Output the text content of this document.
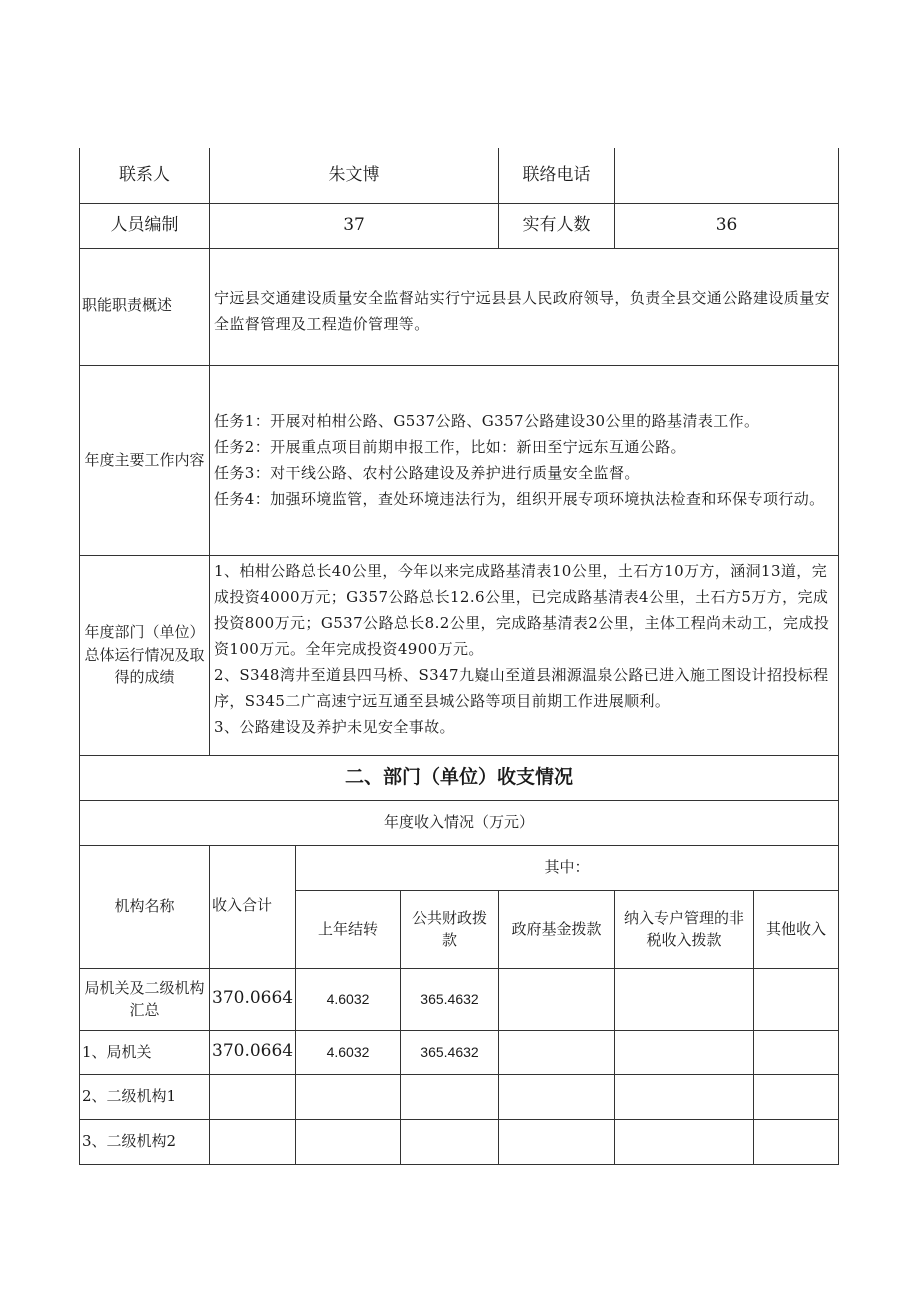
联系人	朱文博			联络电话		
人员编制	37			实有人数	36	
职能职责概述	宁远县交通建设质量安全监督站实行宁远县县人民政府领导，负责全县交通公路建设质量安全监督管理及工程造价管理等。					
年度主要工作内容	任务1：开展对柏柑公路、G537公路、G357公路建设30公里的路基清表工作。
任务2：开展重点项目前期申报工作，比如：新田至宁远东互通公路。
任务3：对干线公路、农村公路建设及养护进行质量安全监督。
任务4：加强环境监管，查处环境违法行为，组织开展专项环境执法检查和环保专项行动。					

年度部门（单位）总体运行情况及取得的成绩	1、柏柑公路总长40公里，今年以来完成路基清表10公里，土石方10万方，涵洞13道，完成投资4000万元；G357公路总长12.6公里，已完成路基清表4公里，土石方5万方，完成投资800万元；G537公路总长8.2公里，完成路基清表2公里，主体工程尚未动工，完成投资100万元。全年完成投资4900万元。
2、S348湾井至道县四马桥、S347九嶷山至道县湘源温泉公路已进入施工图设计招投标程序，S345二广高速宁远互通至县城公路等项目前期工作进展顺利。
3、公路建设及养护未见安全事故。					

二、部门（单位）收支情况						
年度收入情况（万元）						
机构名称	收入合计	其中：				
		上年结转	公共财政拨款	政府基金拨款	纳入专户管理的非税收入拨款	其他收入
局机关及二级机构汇总	370.0664	4.6032	365.4632			
1、局机关	370.0664	4.6032	365.4632			
2、二级机构1						
3、二级机构2						
